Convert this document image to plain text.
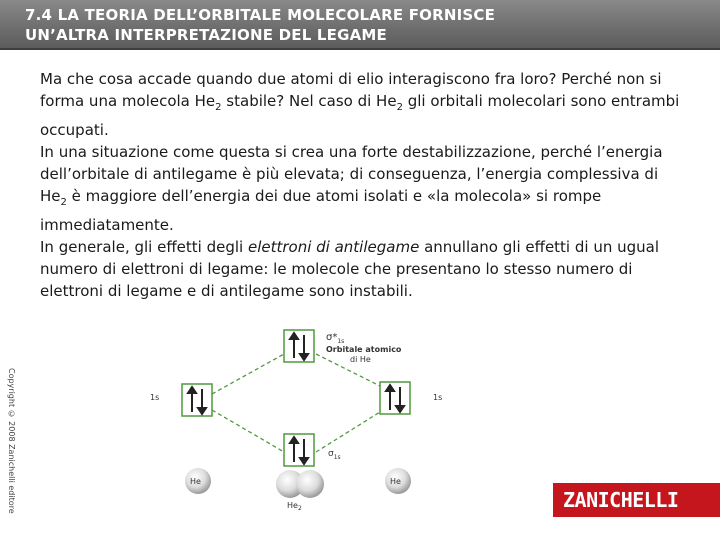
7.4 LA TEORIA DELL’ORBITALE MOLECOLARE FORNISCE
UN’ALTRA INTERPRETAZIONE DEL LEGAME

Ma che cosa accade quando due atomi di elio interagiscono fra loro? Perché non si forma una molecola $He_2$ stabile? Nel caso di $He_2$ gli orbitali molecolari sono entrambi occupati.

In una situazione come questa si crea una forte destabilizzazione, perché l’energia dell’orbitale di antilegame è più elevata; di conseguenza, l’energia complessiva di $He_2$ è maggiore dell’energia dei due atomi isolati e «la molecola» si rompe immediatamente.

In generale, gli effetti degli elettroni di antilegame annullano gli effetti di un ugual numero di elettroni di legame: le molecole che presentano lo stesso numero di elettroni di legame e di antilegame sono instabili.

Copyright © 2008 Zanichelli editore
$\sigma*_{1s}$
Orbitale atomico
di He
1s	1s
$\sigma_{1s}$
He
$He_2$
He
ZANICHELLI
